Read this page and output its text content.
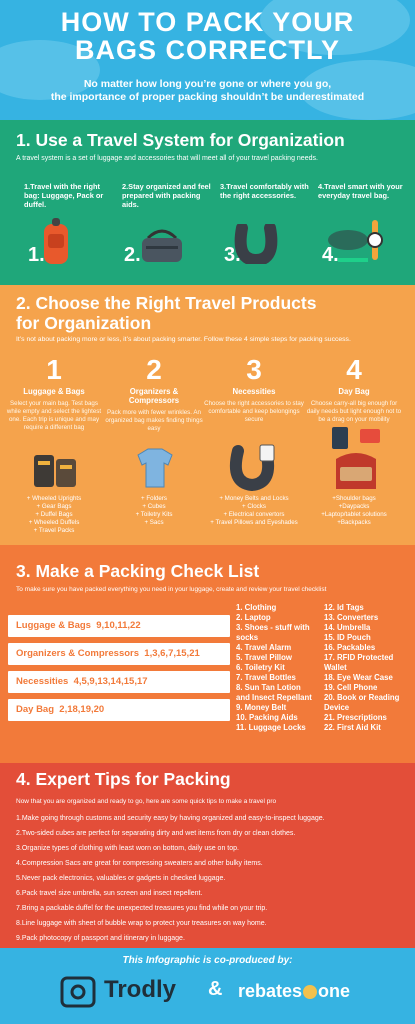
HOW TO PACK YOUR
BAGS CORRECTLY
No matter how long you’re gone or where you go,
the importance of proper packing shouldn’t be underestimated
1. Use a Travel System for Organization
A travel system is a set of luggage and accessories that will meet all of your travel packing needs.
1.Travel with the right bag: Luggage, Pack or duffel.
2.Stay organized and feel prepared with packing aids.
3.Travel comfortably with the right accessories.
4.Travel smart with your everyday travel bag.
1.	2.	3.	4.
2. Choose the Right Travel Products
for Organization
It’s not about packing more or less, it’s about packing smarter. Follow these 4 simple steps for packing success.
1
Luggage & Bags
Select your main bag. Test bags while empty and select the lightest one. Each trip is unique and may require a different bag
2
Organizers & Compressors
Pack more with fewer wrinkles. An organized bag makes finding things easy
3
Necessities
Choose the right accessories to stay comfortable and keep belongings secure
4
Day Bag
Choose carry-all big enough for daily needs but light enough not to be a drag on your mobility
+ Wheeled Uprights
+ Gear Bags
+ Duffel Bags
+ Wheeled Duffels
+ Travel Packs
+ Folders
+ Cubes
+ Toiletry Kits
+ Sacs
+ Money Belts and Locks
+ Clocks
+ Electrical convertors
+ Travel Pillows and Eyeshades
+Shoulder bags
+Daypacks
+Laptop/tablet solutions
+Backpacks
3. Make a Packing Check List
To make sure you have packed everything you need in your luggage, create and review your travel checklist
Luggage & Bags 9,10,11,22
Organizers & Compressors 1,3,6,7,15,21
Necessities 4,5,9,13,14,15,17
Day Bag 2,18,19,20
1. Clothing
2. Laptop
3. Shoes - stuff with
socks
4. Travel Alarm
5. Travel Pillow
6. Toiletry Kit
7. Travel Bottles
8. Sun Tan Lotion
and Insect Repellant
9. Money Belt
10. Packing Aids
11. Luggage Locks
12. Id Tags
13. Converters
14. Umbrella
15. ID Pouch
16. Packables
17. RFID Protected
Wallet
18. Eye Wear Case
19. Cell Phone
20. Book or Reading
Device
21. Prescriptions
22. First Aid Kit
4. Expert Tips for Packing
Now that you are organized and ready to go, here are some quick tips to make a travel pro
1.Make going through customs and security easy by having organized and easy-to-inspect luggage.
2.Two-sided cubes are perfect for separating dirty and wet items from dry or clean clothes.
3.Organize types of clothing with least worn on bottom, daily use on top.
4.Compression Sacs are great for compressing sweaters and other bulky items.
5.Never pack electronics, valuables or gadgets in checked luggage.
6.Pack travel size umbrella, sun screen and insect repellent.
7.Bring a packable duffel for the unexpected treasures you find while on your trip.
8.Line luggage with sheet of bubble wrap to protect your treasures on way home.
9.Pack photocopy of passport and itinerary in luggage.
This Infographic is co-produced by:
Trodly & rebates one
